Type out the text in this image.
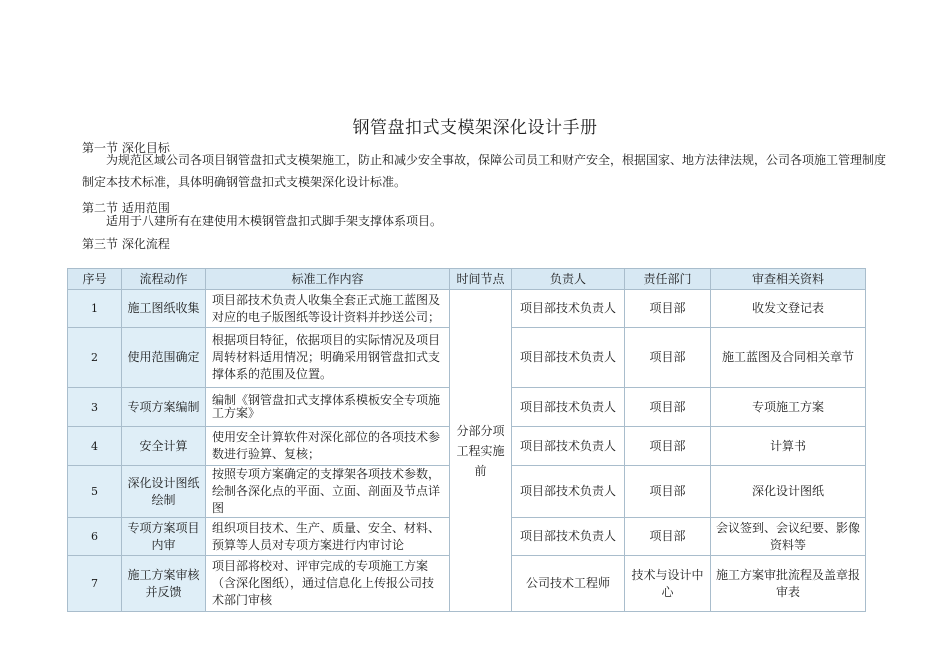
钢管盘扣式支模架深化设计手册
第一节 深化目标
为规范区域公司各项目钢管盘扣式支模架施工，防止和减少安全事故，保障公司员工和财产安全，根据国家、地方法律法规，公司各项施工管理制度
制定本技术标准，具体明确钢管盘扣式支模架深化设计标准。
第二节 适用范围
适用于八建所有在建使用木模钢管盘扣式脚手架支撑体系项目。
第三节 深化流程
序号	流程动作	标准工作内容	时间节点	负责人	责任部门	审查相关资料
1	施工图纸收集	项目部技术负责人收集全套正式施工蓝图及对应的电子版图纸等设计资料并抄送公司；	分部分项工程实施前	项目部技术负责人	项目部	收发文登记表
2	使用范围确定	根据项目特征，依据项目的实际情况及项目周转材料适用情况；明确采用钢管盘扣式支撑体系的范围及位置。		项目部技术负责人	项目部	施工蓝图及合同相关章节
3	专项方案编制	编制《钢管盘扣式支撑体系模板安全专项施工方案》		项目部技术负责人	项目部	专项施工方案
4	安全计算	使用安全计算软件对深化部位的各项技术参数进行验算、复核；		项目部技术负责人	项目部	计算书
5	深化设计图纸绘制	按照专项方案确定的支撑架各项技术参数，绘制各深化点的平面、立面、剖面及节点详图		项目部技术负责人	项目部	深化设计图纸
6	专项方案项目内审	组织项目技术、生产、质量、安全、材料、预算等人员对专项方案进行内审讨论		项目部技术负责人	项目部	会议签到、会议纪要、影像资料等
7	施工方案审核并反馈	项目部将校对、评审完成的专项施工方案（含深化图纸），通过信息化上传报公司技术部门审核		公司技术工程师	技术与设计中心	施工方案审批流程及盖章报审表
